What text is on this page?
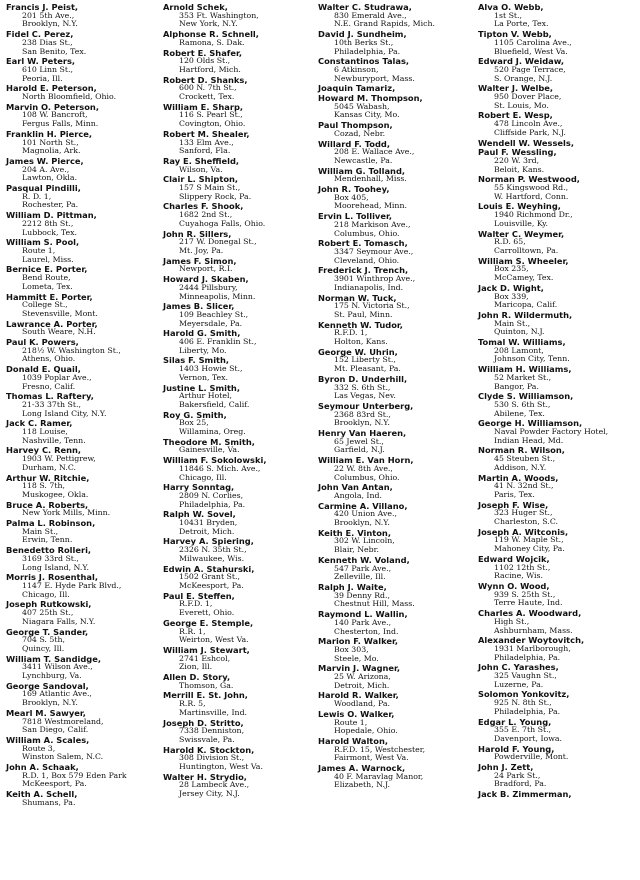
Francis J. Peist,
201 5th Ave.,
Brooklyn, N.Y.
Fidel C. Perez,
238 Dias St.,
San Benito, Tex.
Earl W. Peters,
610 Linn St.,
Peoria, Ill.
Harold E. Peterson,
North Bloomfield, Ohio.
Marvin O. Peterson,
108 W. Bancroft,
Fergus Falls, Minn.
Franklin H. Pierce,
101 North St.,
Magnolia, Ark.
James W. Pierce,
204 A. Ave.,
Lawton, Okla.
Pasqual Pindilli,
R. D. 1,
Rochester, Pa.
William D. Pittman,
2212 8th St.,
Lubbock, Tex.
William S. Pool,
Route 1,
Laurel, Miss.
Bernice E. Porter,
Bend Route,
Lometa, Tex.
Hammitt E. Porter,
College St.,
Stevensville, Mont.
Lawrance A. Porter,
South Weare, N.H.
Paul K. Powers,
218½ W. Washington St.,
Athens, Ohio.
Donald E. Quail,
1039 Poplar Ave.,
Fresno, Calif.
Thomas L. Raftery,
21-33 37th St.,
Long Island City, N.Y.
Jack C. Ramer,
118 Louise,
Nashville, Tenn.
Harvey C. Renn,
1903 W. Pettigrew,
Durham, N.C.
Arthur W. Ritchie,
118 S. 7th,
Muskogee, Okla.
Bruce A. Roberts,
New York Mills, Minn.
Palma L. Robinson,
Main St.,
Erwin, Tenn.
Benedetto Rolleri,
3169 33rd St.,
Long Island, N.Y.
Morris J. Rosenthal,
1147 E. Hyde Park Blvd.,
Chicago, Ill.
Joseph Rutkowski,
407 25th St.,
Niagara Falls, N.Y.
George T. Sander,
704 S. 5th,
Quincy, Ill.
William T. Sandidge,
3411 Wilson Ave.,
Lynchburg, Va.
George Sandoval,
169 Atlantic Ave.,
Brooklyn, N.Y.
Mearl M. Sawyer,
7818 Westmoreland,
San Diego, Calif.
William A. Scales,
Route 3,
Winston Salem, N.C.
John A. Schaak,
R.D. 1, Box 579 Eden Park
McKeesport, Pa.
Keith A. Schell,
Shumans, Pa.
Arnold Schek,
353 Ft. Washington,
New York, N.Y.
Alphonse R. Schnell,
Ramona, S. Dak.
Robert E. Shafer,
120 Olds St.,
Hartford, Mich.
Robert D. Shanks,
600 N. 7th St.,
Crockett, Tex.
William E. Sharp,
116 S. Pearl St.,
Covington, Ohio.
Robert M. Shealer,
133 Elm Ave.,
Sanford, Fla.
Ray E. Sheffield,
Wilson, Va.
Clair L. Shipton,
157 S Main St.,
Slippery Rock, Pa.
Charles F. Shook,
1682 2nd St.,
Cuyahoga Falls, Ohio.
John R. Sillers,
217 W. Donegal St.,
Mt. Joy, Pa.
James F. Simon,
Newport, R.I.
Howard J. Skaben,
2444 Pillsbury,
Minneapolis, Minn.
James B. Slicer,
109 Beachley St.,
Meyersdale, Pa.
Harold G. Smith,
406 E. Franklin St.,
Liberty, Mo.
Silas F. Smith,
1403 Howie St.,
Vernon, Tex.
Justine L. Smith,
Arthur Hotel,
Bakersfield, Calif.
Roy G. Smith,
Box 25,
Willamina, Oreg.
Theodore M. Smith,
Gainesville, Va.
William F. Sokolowski,
11846 S. Mich. Ave.,
Chicago, Ill.
Harry Sonntag,
2809 N. Corlies,
Philadelphia, Pa.
Ralph W. Sovel,
10431 Bryden,
Detroit, Mich.
Harvey A. Spiering,
2326 N. 35th St.,
Milwaukee, Wis.
Edwin A. Stahurski,
1502 Grant St.,
McKeesport, Pa.
Paul E. Steffen,
R.F.D. 1,
Everett, Ohio.
George E. Stemple,
R.R. 1,
Weirton, West Va.
William J. Stewart,
2741 Eshcol,
Zion, Ill.
Allen D. Story,
Thomson, Ga.
Merrill E. St. John,
R.R. 5,
Martinsville, Ind.
Joseph D. Stritto,
7338 Denniston,
Swissvale, Pa.
Harold K. Stockton,
308 Division St.,
Huntington, West Va.
Walter H. Strydio,
28 Lambeck Ave.,
Jersey City, N.J.
Walter C. Studrawa,
830 Emerald Ave.,
N.E. Grand Rapids, Mich.
David J. Sundheim,
10th Berks St.,
Philadelphia, Pa.
Constantinos Talas,
6 Atkinson,
Newburyport, Mass.
Joaquin Tamariz,
Howard M. Thompson,
5045 Wabash,
Kansas City, Mo.
Paul Thompson,
Cozad, Nebr.
Willard F. Todd,
208 E. Wallace Ave.,
Newcastle, Pa.
William G. Tolland,
Mendenhall, Miss.
John R. Toohey,
Box 405,
Moorehead, Minn.
Ervin L. Tolliver,
218 Markison Ave.,
Columbus, Ohio.
Robert E. Tomasch,
3347 Seymour Ave.,
Cleveland, Ohio.
Frederick J. Trench,
3901 Winthrop Ave.,
Indianapolis, Ind.
Norman W. Tuck,
175 N. Victoria St.,
St. Paul, Minn.
Kenneth W. Tudor,
R.F.D. 1,
Holton, Kans.
George W. Uhrin,
152 Liberty St.,
Mt. Pleasant, Pa.
Byron D. Underhill,
332 S. 6th St.,
Las Vegas, Nev.
Seymour Unterberg,
2368 83rd St.,
Brooklyn, N.Y.
Henry Van Haeren,
65 Jewel St.,
Garfield, N.J.
William E. Van Horn,
22 W. 8th Ave.,
Columbus, Ohio.
John Van Antan,
Angola, Ind.
Carmine A. Villano,
420 Union Ave.,
Brooklyn, N.Y.
Keith E. Vinton,
302 W. Lincoln,
Blair, Nebr.
Kenneth W. Voland,
547 Park Ave.,
Zelleville, Ill.
Ralph J. Waite,
39 Denny Rd.,
Chestnut Hill, Mass.
Raymond L. Wallin,
140 Park Ave.,
Chesterton, Ind.
Marion F. Walker,
Box 303,
Steele, Mo.
Marvin J. Wagner,
25 W. Arizona,
Detroit, Mich.
Harold R. Walker,
Woodland, Pa.
Lewis O. Walker,
Route 1,
Hopedale, Ohio.
Harold Walton,
R.F.D. 15, Westchester,
Fairmont, West Va.
James A. Warnock,
40 F. Maravlag Manor,
Elizabeth, N.J.
Alva O. Webb,
1st St.,
La Porte, Tex.
Tipton V. Webb,
1105 Carolina Ave.,
Bluefield, West Va.
Edward J. Weidaw,
520 Page Terrace,
S. Orange, N.J.
Walter J. Welbe,
950 Dover Place,
St. Louis, Mo.
Robert E. Wesp,
478 Lincoln Ave.,
Cliffside Park, N.J.
Wendell W. Wessels,
Paul F. Wessling,
220 W. 3rd,
Beloit, Kans.
Norman P. Westwood,
55 Kingswood Rd.,
W. Hartford, Conn.
Louis E. Weyhing,
1940 Richmond Dr.,
Louisville, Ky.
Walter C. Weymer,
R.D. 65,
Carrolltown, Pa.
William S. Wheeler,
Box 235,
McCamey, Tex.
Jack D. Wight,
Box 339,
Maricopa, Calif.
John R. Wildermuth,
Main St.,
Quinton, N.J.
Tomal W. Williams,
208 Lamont,
Johnson City, Tenn.
William H. Williams,
52 Market St.,
Bangor, Pa.
Clyde S. Williamson,
530 S. 6th St.,
Abilene, Tex.
George H. Williamson,
Naval Powder Factory Hotel,
Indian Head, Md.
Norman R. Wilson,
45 Steuben St.,
Addison, N.Y.
Martin A. Woods,
41 N. 32nd St.,
Paris, Tex.
Joseph F. Wise,
323 Huger St.,
Charleston, S.C.
Joseph A. Witconis,
119 W. Maple St.,
Mahoney City, Pa.
Edward Wojcik,
1102 12th St.,
Racine, Wis.
Wynn O. Wood,
939 S. 25th St.,
Terre Haute, Ind.
Charles A. Woodward,
High St.,
Ashburnham, Mass.
Alexander Woytovitch,
1931 Marlborough,
Philadelphia, Pa.
John C. Yarashes,
325 Vaughn St.,
Luzerne, Pa.
Solomon Yonkovitz,
925 N. 8th St.,
Philadelphia, Pa.
Edgar L. Young,
355 E. 7th St.,
Davenport, Iowa.
Harold F. Young,
Powderville, Mont.
John J. Zett,
24 Park St.,
Bradford, Pa.
Jack B. Zimmerman,
